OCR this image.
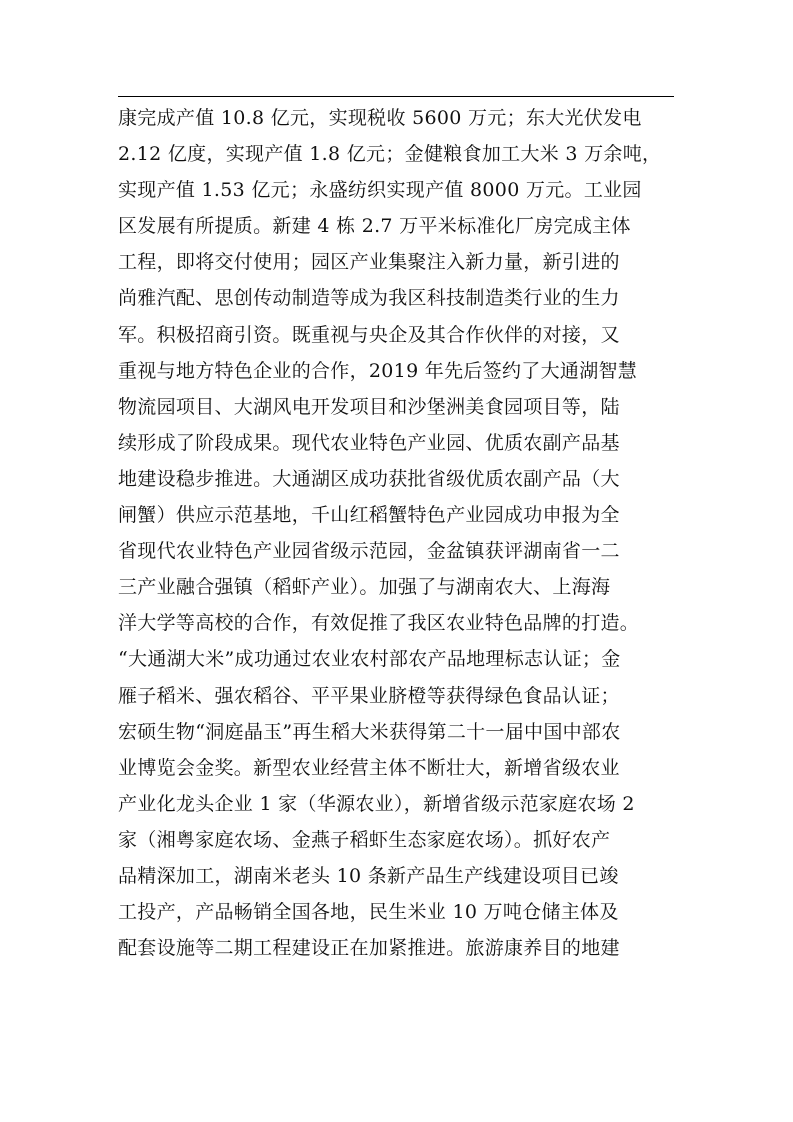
康完成产值 10.8 亿元，实现税收 5600 万元；东大光伏发电
2.12 亿度，实现产值 1.8 亿元；金健粮食加工大米 3 万余吨，
实现产值 1.53 亿元；永盛纺织实现产值 8000 万元。工业园
区发展有所提质。新建 4 栋 2.7 万平米标准化厂房完成主体
工程，即将交付使用；园区产业集聚注入新力量，新引进的
尚雅汽配、思创传动制造等成为我区科技制造类行业的生力
军。积极招商引资。既重视与央企及其合作伙伴的对接，又
重视与地方特色企业的合作，2019 年先后签约了大通湖智慧
物流园项目、大湖风电开发项目和沙堡洲美食园项目等，陆
续形成了阶段成果。现代农业特色产业园、优质农副产品基
地建设稳步推进。大通湖区成功获批省级优质农副产品（大
闸蟹）供应示范基地，千山红稻蟹特色产业园成功申报为全
省现代农业特色产业园省级示范园，金盆镇获评湖南省一二
三产业融合强镇（稻虾产业）。加强了与湖南农大、上海海
洋大学等高校的合作，有效促推了我区农业特色品牌的打造。
“大通湖大米”成功通过农业农村部农产品地理标志认证；金
雁子稻米、强农稻谷、平平果业脐橙等获得绿色食品认证；
宏硕生物“洞庭晶玉”再生稻大米获得第二十一届中国中部农
业博览会金奖。新型农业经营主体不断壮大，新增省级农业
产业化龙头企业 1 家（华源农业），新增省级示范家庭农场 2
家（湘粤家庭农场、金燕子稻虾生态家庭农场）。抓好农产
品精深加工，湖南米老头 10 条新产品生产线建设项目已竣
工投产，产品畅销全国各地，民生米业 10 万吨仓储主体及
配套设施等二期工程建设正在加紧推进。旅游康养目的地建
